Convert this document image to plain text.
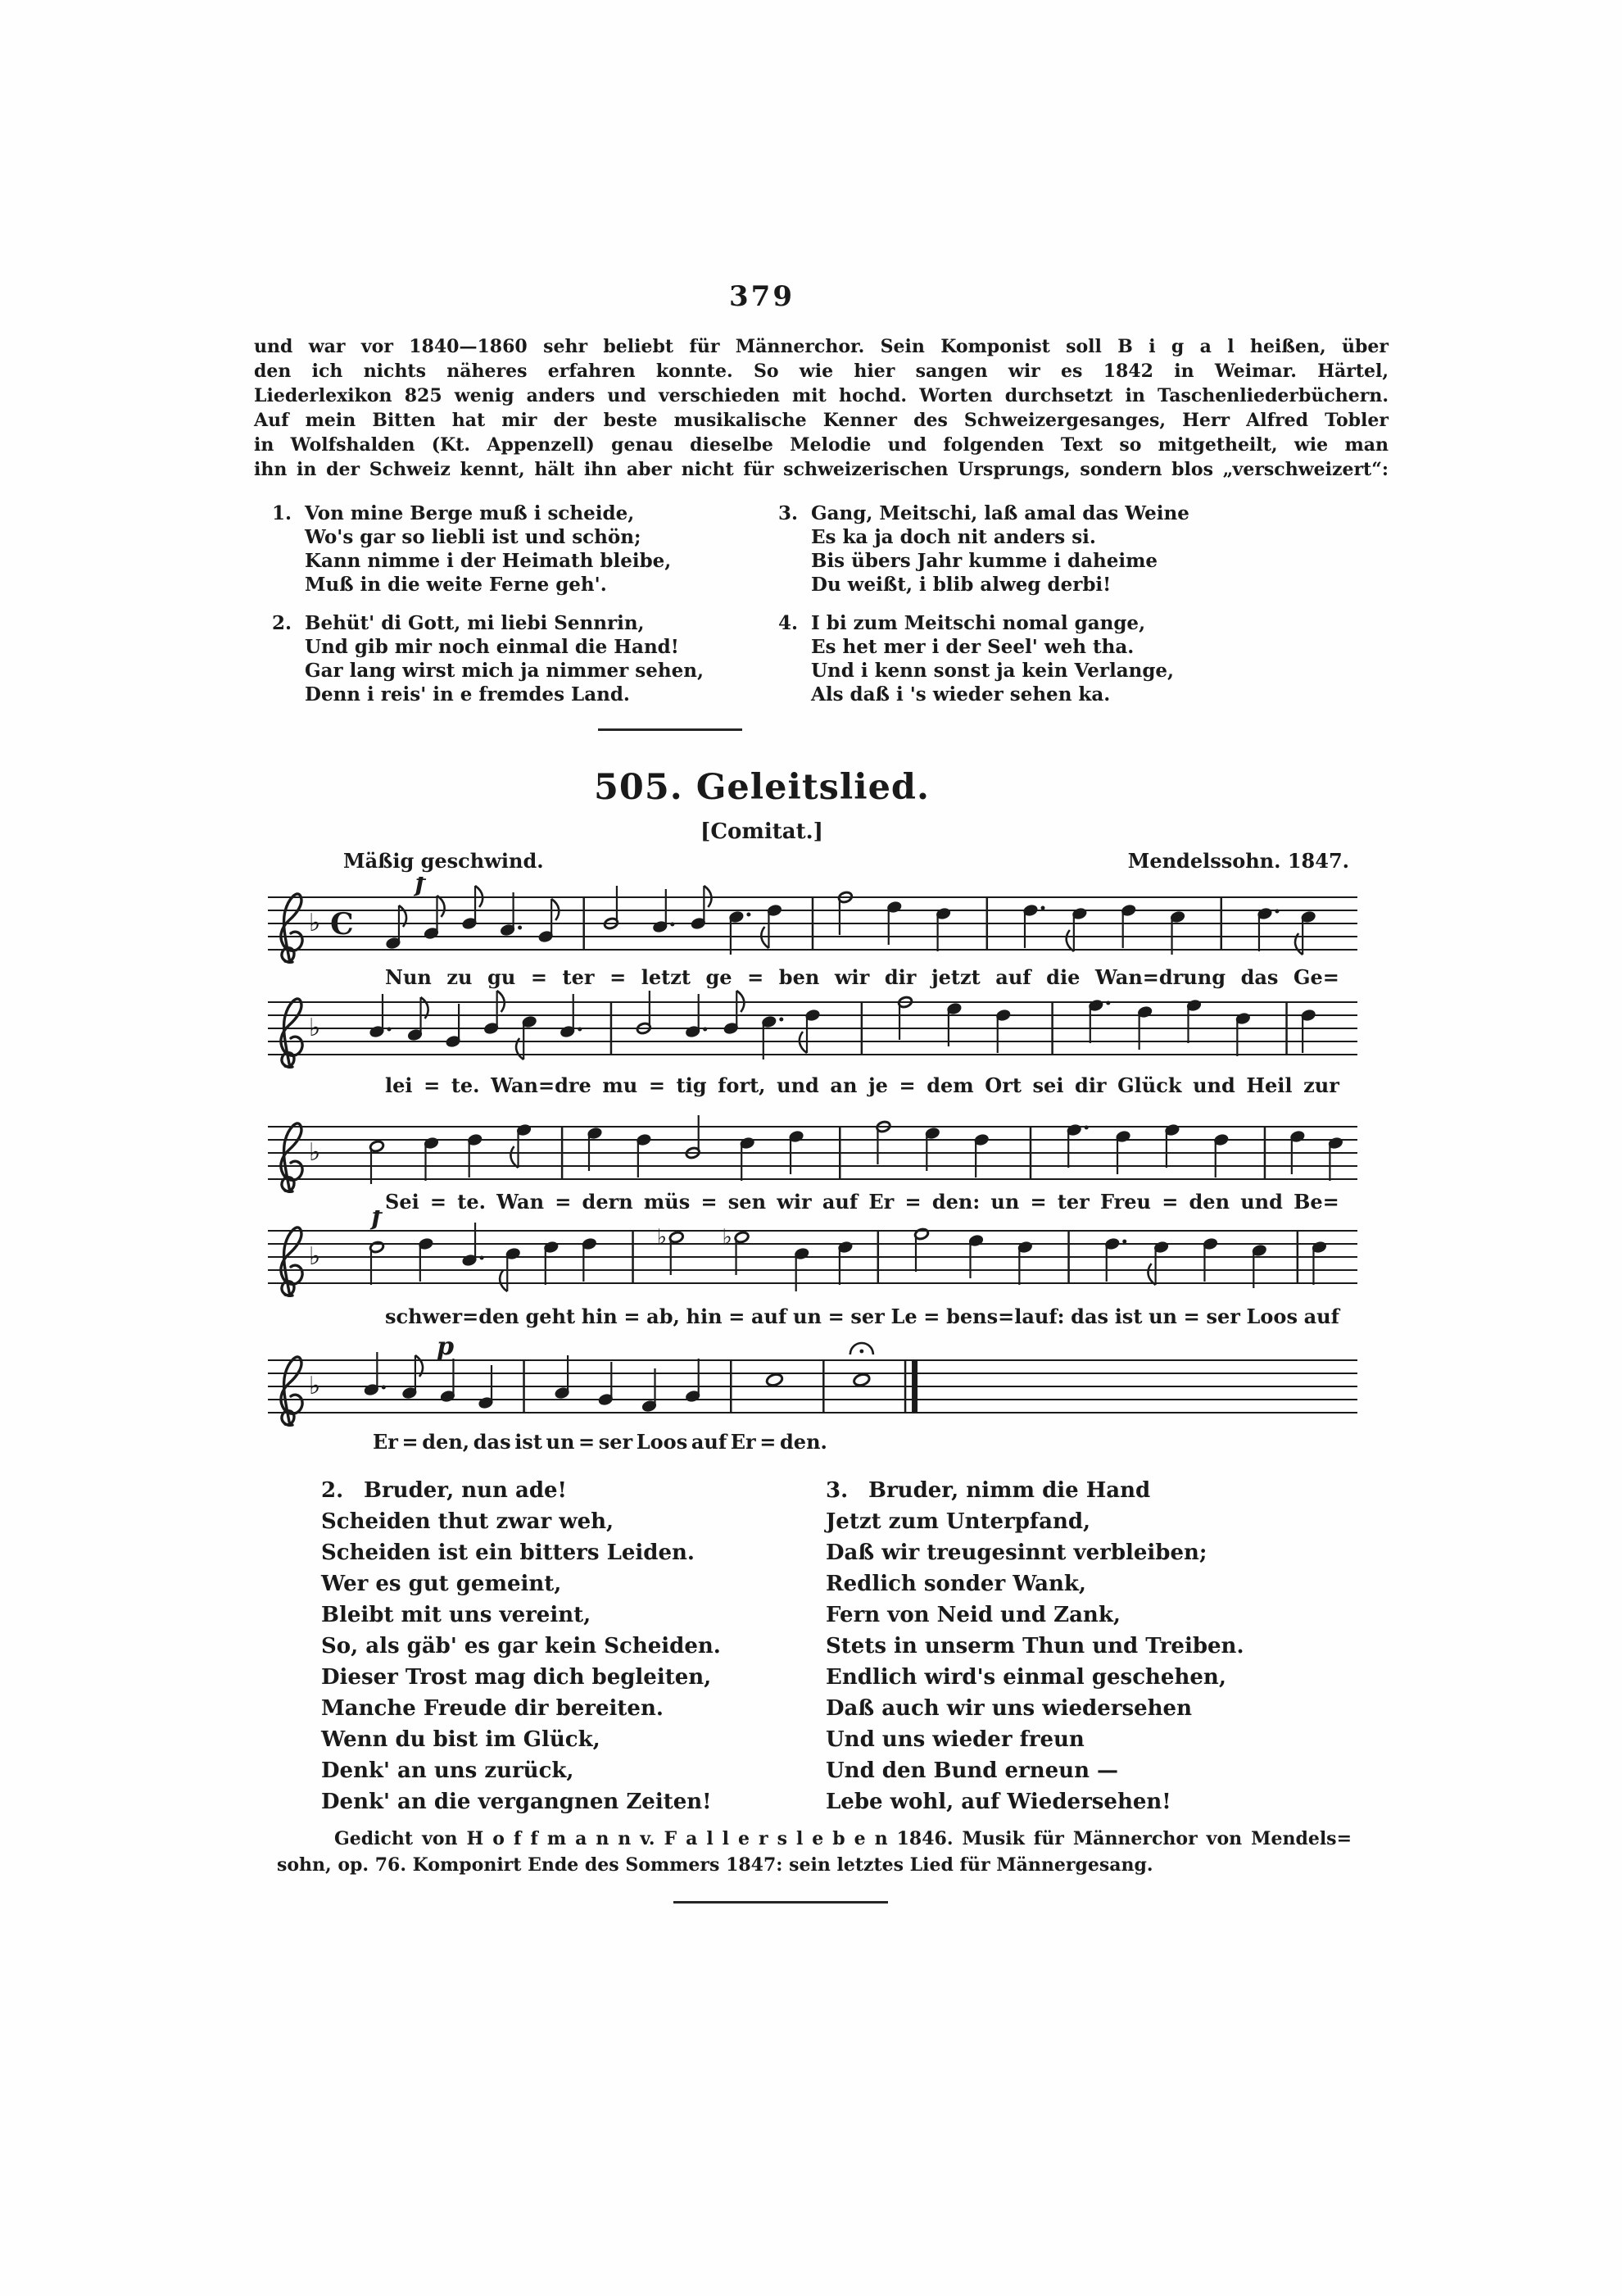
379
und war vor 1840—1860 sehr beliebt für Männerchor. Sein Komponist soll B i g a l heißen, über
den ich nichts näheres erfahren konnte. So wie hier sangen wir es 1842 in Weimar. Härtel,
Liederlexikon 825 wenig anders und verschieden mit hochd. Worten durchsetzt in Taschenliederbüchern.
Auf mein Bitten hat mir der beste musikalische Kenner des Schweizergesanges, Herr Alfred Tobler
in Wolfshalden (Kt. Appenzell) genau dieselbe Melodie und folgenden Text so mitgetheilt, wie man
ihn in der Schweiz kennt, hält ihn aber nicht für schweizerischen Ursprungs, sondern blos „verschweizert“:
1. Von mine Berge muß i scheide,
Wo's gar so liebli ist und schön;
Kann nimme i der Heimath bleibe,
Muß in die weite Ferne geh'.
2. Behüt' di Gott, mi liebi Sennrin,
Und gib mir noch einmal die Hand!
Gar lang wirst mich ja nimmer sehen,
Denn i reis' in e fremdes Land.
3. Gang, Meitschi, laß amal das Weine
Es ka ja doch nit anders si.
Bis übers Jahr kumme i daheime
Du weißt, i blib alweg derbi!
4. I bi zum Meitschi nomal gange,
Es het mer i der Seel' weh tha.
Und i kenn sonst ja kein Verlange,
Als daß i 's wieder sehen ka.
505. Geleitslied.
[Comitat.]
Mäßig geschwind.	Mendelssohn. 1847.
♭ C
f
♭
♭
♭
♭	♭
f
♭
p
2. Bruder, nun ade!
Scheiden thut zwar weh,
Scheiden ist ein bitters Leiden.
Wer es gut gemeint,
Bleibt mit uns vereint,
So, als gäb' es gar kein Scheiden.
Dieser Trost mag dich begleiten,
Manche Freude dir bereiten.
Wenn du bist im Glück,
Denk' an uns zurück,
Denk' an die vergangnen Zeiten!
3. Bruder, nimm die Hand
Jetzt zum Unterpfand,
Daß wir treugesinnt verbleiben;
Redlich sonder Wank,
Fern von Neid und Zank,
Stets in unserm Thun und Treiben.
Endlich wird's einmal geschehen,
Daß auch wir uns wiedersehen
Und uns wieder freun
Und den Bund erneun —
Lebe wohl, auf Wiedersehen!
Gedicht von H o f f m a n n v. F a l l e r s l e b e n 1846. Musik für Männerchor von Mendels=
sohn, op. 76. Komponirt Ende des Sommers 1847: sein letztes Lied für Männergesang.
Nun zu gu = ter = letzt ge = ben wir dir jetzt auf die Wan=drung das Ge=
lei = te. Wan=dre mu = tig fort, und an je = dem Ort sei dir Glück und Heil zur
Sei = te. Wan = dern müs = sen wir auf Er = den: un = ter Freu = den und Be=
schwer=den geht hin = ab, hin = auf un = ser Le = bens=lauf: das ist un = ser Loos auf
Er = den, das ist un = ser Loos auf Er = den.
